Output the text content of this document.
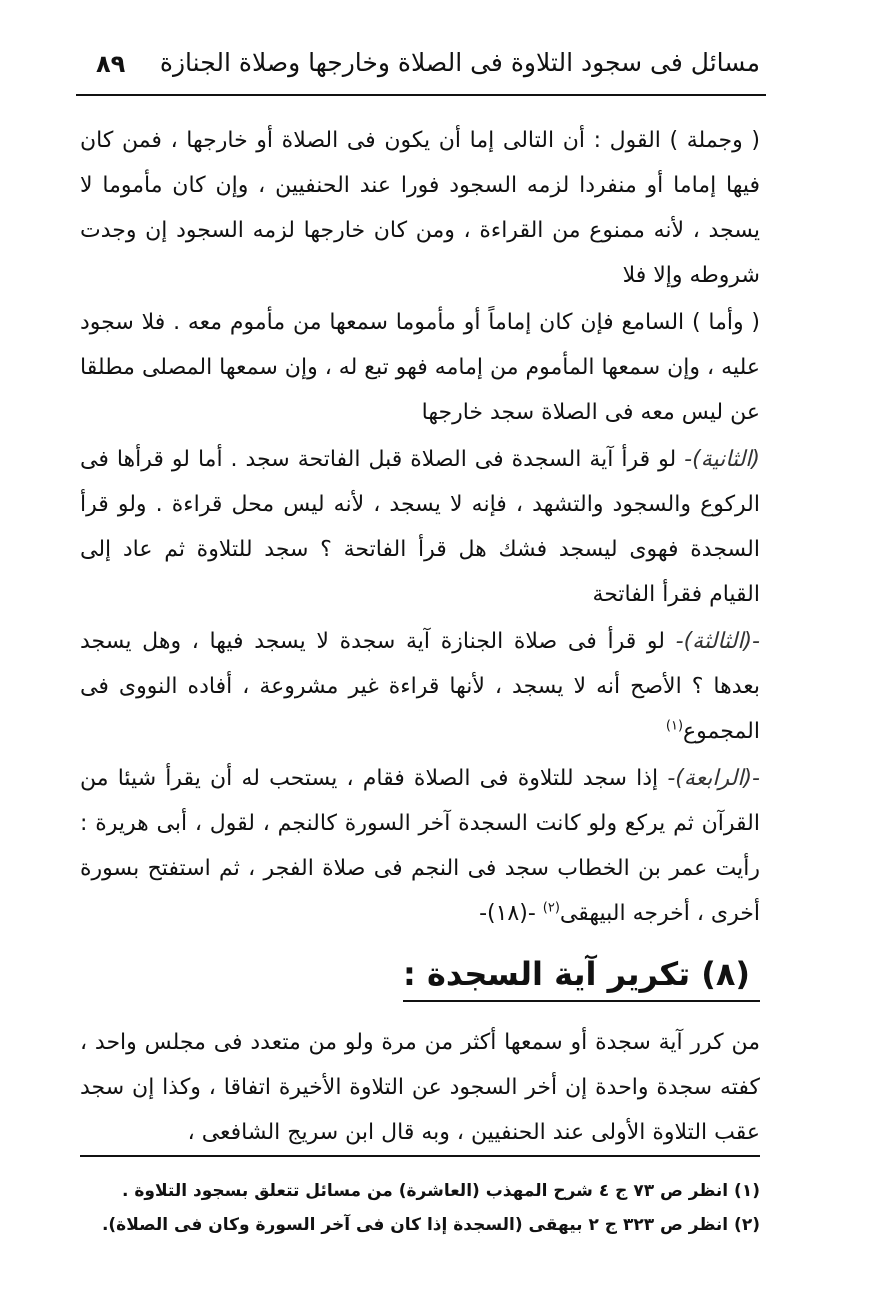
مسائل فى سجود التلاوة فى الصلاة وخارجها وصلاة الجنازة
٨٩

( وجملة ) القول : أن التالى إما أن يكون فى الصلاة أو خارجها ، فمن كان فيها إماما أو منفردا لزمه السجود فورا عند الحنفيين ، وإن كان مأموما لا يسجد ، لأنه ممنوع من القراءة ، ومن كان خارجها لزمه السجود إن وجدت شروطه وإلا فلا

( وأما ) السامع فإن كان إماماً أو مأموما سمعها من مأموم معه . فلا سجود عليه ، وإن سمعها المأموم من إمامه فهو تبع له ، وإن سمعها المصلى مطلقا عن ليس معه فى الصلاة سجد خارجها

(الثانية)- لو قرأ آية السجدة فى الصلاة قبل الفاتحة سجد . أما لو قرأها فى الركوع والسجود والتشهد ، فإنه لا يسجد ، لأنه ليس محل قراءة . ولو قرأ السجدة فهوى ليسجد فشك هل قرأ الفاتحة ؟ سجد للتلاوة ثم عاد إلى القيام فقرأ الفاتحة

-(الثالثة)- لو قرأ فى صلاة الجنازة آية سجدة لا يسجد فيها ، وهل يسجد بعدها ؟ الأصح أنه لا يسجد ، لأنها قراءة غير مشروعة ، أفاده النووى فى المجموع$^{(١)}$

-(الرابعة)- إذا سجد للتلاوة فى الصلاة فقام ، يستحب له أن يقرأ شيئا من القرآن ثم يركع ولو كانت السجدة آخر السورة كالنجم ، لقول ، أبى هريرة : رأيت عمر بن الخطاب سجد فى النجم فى صلاة الفجر ، ثم استفتح بسورة أخرى ، أخرجه البيهقى$^{(٢)}$ -(١٨)-

(٨) تكرير آية السجدة :

من كرر آية سجدة أو سمعها أكثر من مرة ولو من متعدد فى مجلس واحد ، كفته سجدة واحدة إن أخر السجود عن التلاوة الأخيرة اتفاقا ، وكذا إن سجد عقب التلاوة الأولى عند الحنفيين ، وبه قال ابن سريج الشافعى ،

(١) انظر ص ٧٣ ج ٤ شرح المهذب (العاشرة) من مسائل تتعلق بسجود التلاوة .

(٢) انظر ص ٣٢٣ ج ٢ بيهقى (السجدة إذا كان فى آخر السورة وكان فى الصلاة).
